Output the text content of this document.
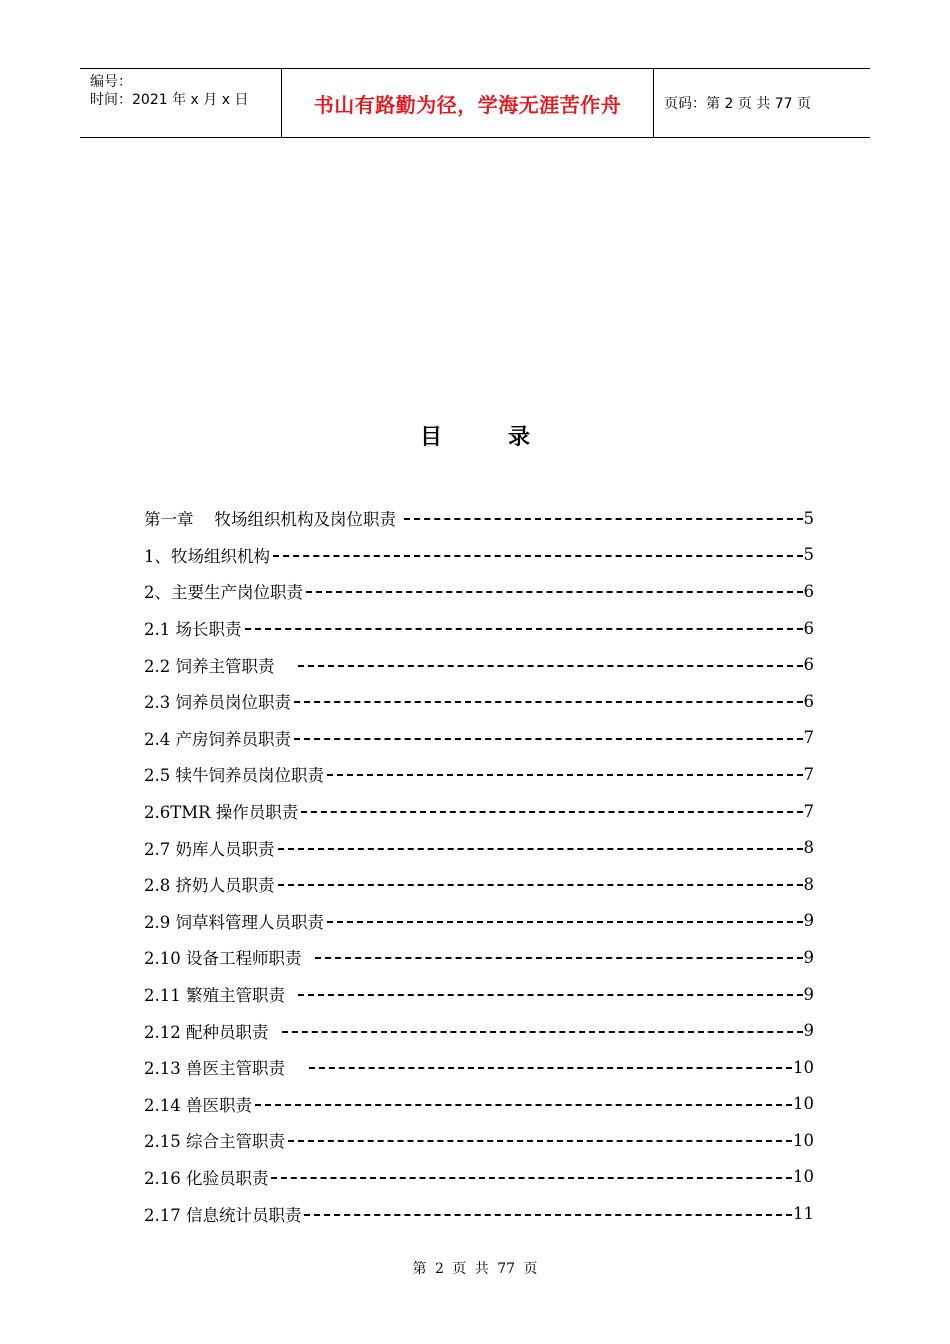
编号：
时间：2021 年 x 月 x 日	书山有路勤为径，学海无涯苦作舟	页码：第 2 页 共 77 页
目	录
第一章    牧场组织机构及岗位职责	5
1、牧场组织机构	5
2、主要生产岗位职责	6
2.1 场长职责	6
2.2 饲养主管职责	6
2.3 饲养员岗位职责	6
2.4 产房饲养员职责	7
2.5 犊牛饲养员岗位职责	7
2.6TMR 操作员职责	7
2.7 奶库人员职责	8
2.8 挤奶人员职责	8
2.9 饲草料管理人员职责	9
2.10 设备工程师职责	9
2.11 繁殖主管职责	9
2.12 配种员职责	9
2.13 兽医主管职责	10
2.14 兽医职责	10
2.15 综合主管职责	10
2.16 化验员职责	10
2.17 信息统计员职责	11
第 2 页 共 77 页
